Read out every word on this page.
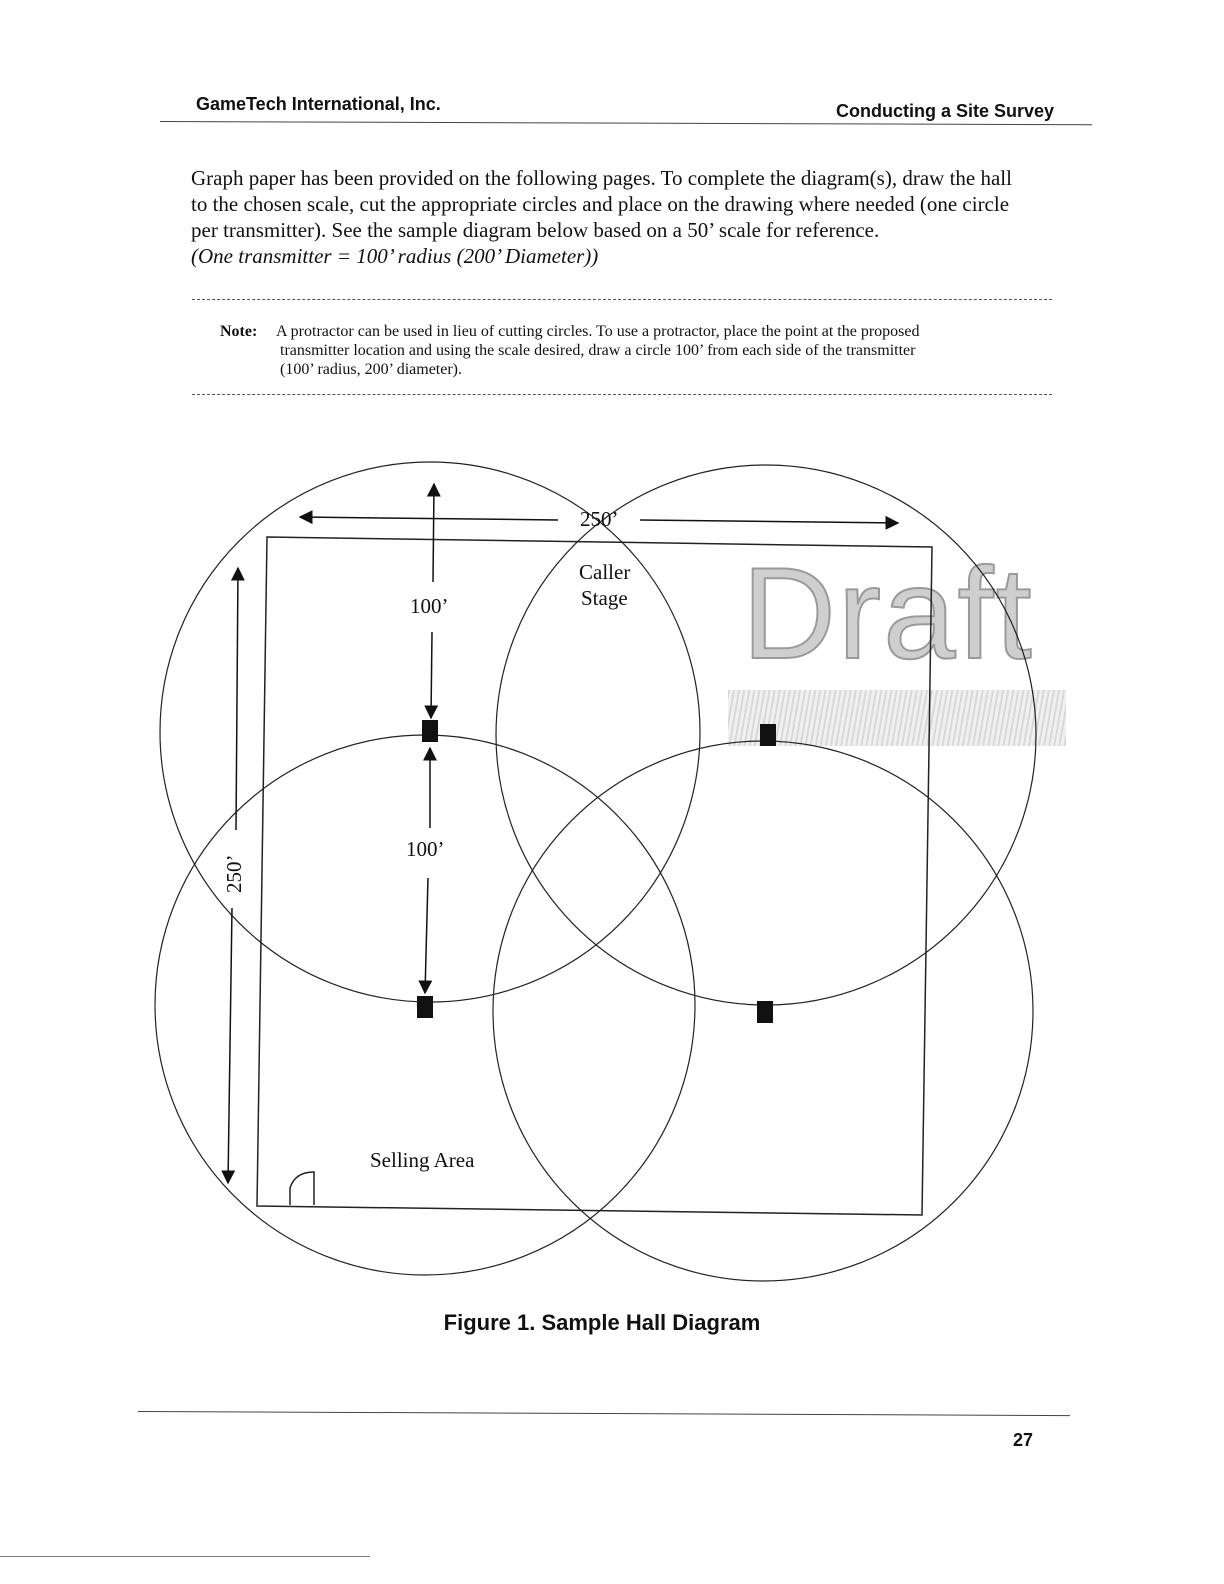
GameTech International, Inc.	Conducting a Site Survey
Graph paper has been provided on the following pages. To complete the diagram(s), draw the hall
to the chosen scale, cut the appropriate circles and place on the drawing where needed (one circle
per transmitter). See the sample diagram below based on a 50’ scale for reference.
(One transmitter = 100’ radius (200’ Diameter))
Note: A protractor can be used in lieu of cutting circles. To use a protractor, place the point at the proposed
transmitter location and using the scale desired, draw a circle 100’ from each side of the transmitter
(100’ radius, 200’ diameter).
Draft
250’
250’
100’
100’
Caller
Stage
Selling Area
Figure 1. Sample Hall Diagram
27
